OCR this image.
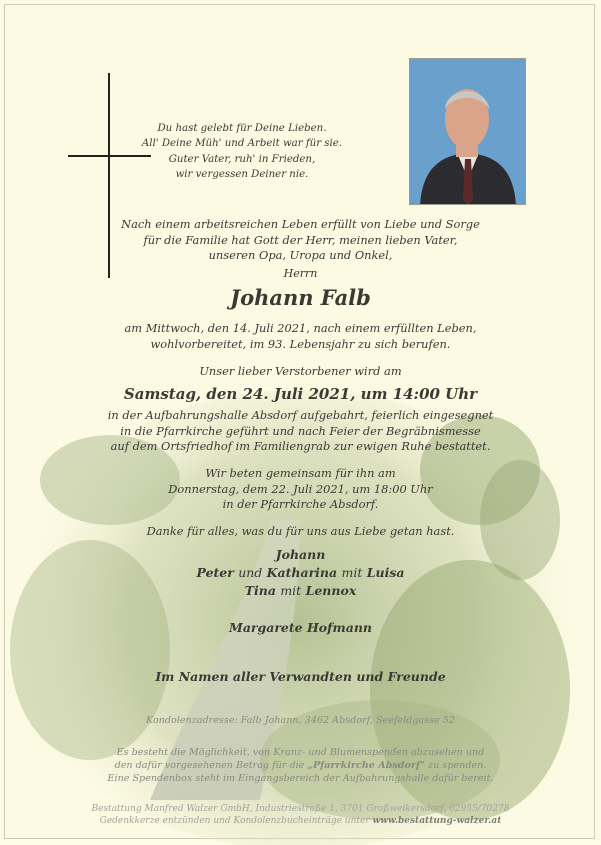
Du hast gelebt für Deine Lieben.
All' Deine Müh' und Arbeit war für sie.
Guter Vater, ruh' in Frieden,
wir vergessen Deiner nie.
Nach einem arbeitsreichen Leben erfüllt von Liebe und Sorge
für die Familie hat Gott der Herr, meinen lieben Vater,
unseren Opa, Uropa und Onkel,
Herrn
Johann Falb
am Mittwoch, den 14. Juli 2021, nach einem erfüllten Leben,
wohlvorbereitet, im 93. Lebensjahr zu sich berufen.
Unser lieber Verstorbener wird am
Samstag, den 24. Juli 2021, um 14:00 Uhr
in der Aufbahrungshalle Absdorf aufgebahrt, feierlich eingesegnet
in die Pfarrkirche geführt und nach Feier der Begräbnismesse
auf dem Ortsfriedhof im Familiengrab zur ewigen Ruhe bestattet.
Wir beten gemeinsam für ihn am
Donnerstag, dem 22. Juli 2021, um 18:00 Uhr
in der Pfarrkirche Absdorf.
Danke für alles, was du für uns aus Liebe getan hast.
Johann
Peter und Katharina mit Luisa
Tina mit Lennox
Margarete Hofmann
Im Namen aller Verwandten und Freunde
Kondolenzadresse: Falb Johann, 3462 Absdorf, Seefeldgasse 52
Es besteht die Möglichkeit, von Kranz- und Blumenspenden abzusehen und
den dafür vorgesehenen Betrag für die „Pfarrkirche Absdorf" zu spenden.
Eine Spendenbox steht im Eingangsbereich der Aufbahrungshalle dafür bereit.
Bestattung Manfred Walzer GmbH, Industriestraße 1, 3701 Großweikersdorf, 02955/70278
Gedenkkerze entzünden und Kondolenzbucheinträge unter www.bestattung-walzer.at
